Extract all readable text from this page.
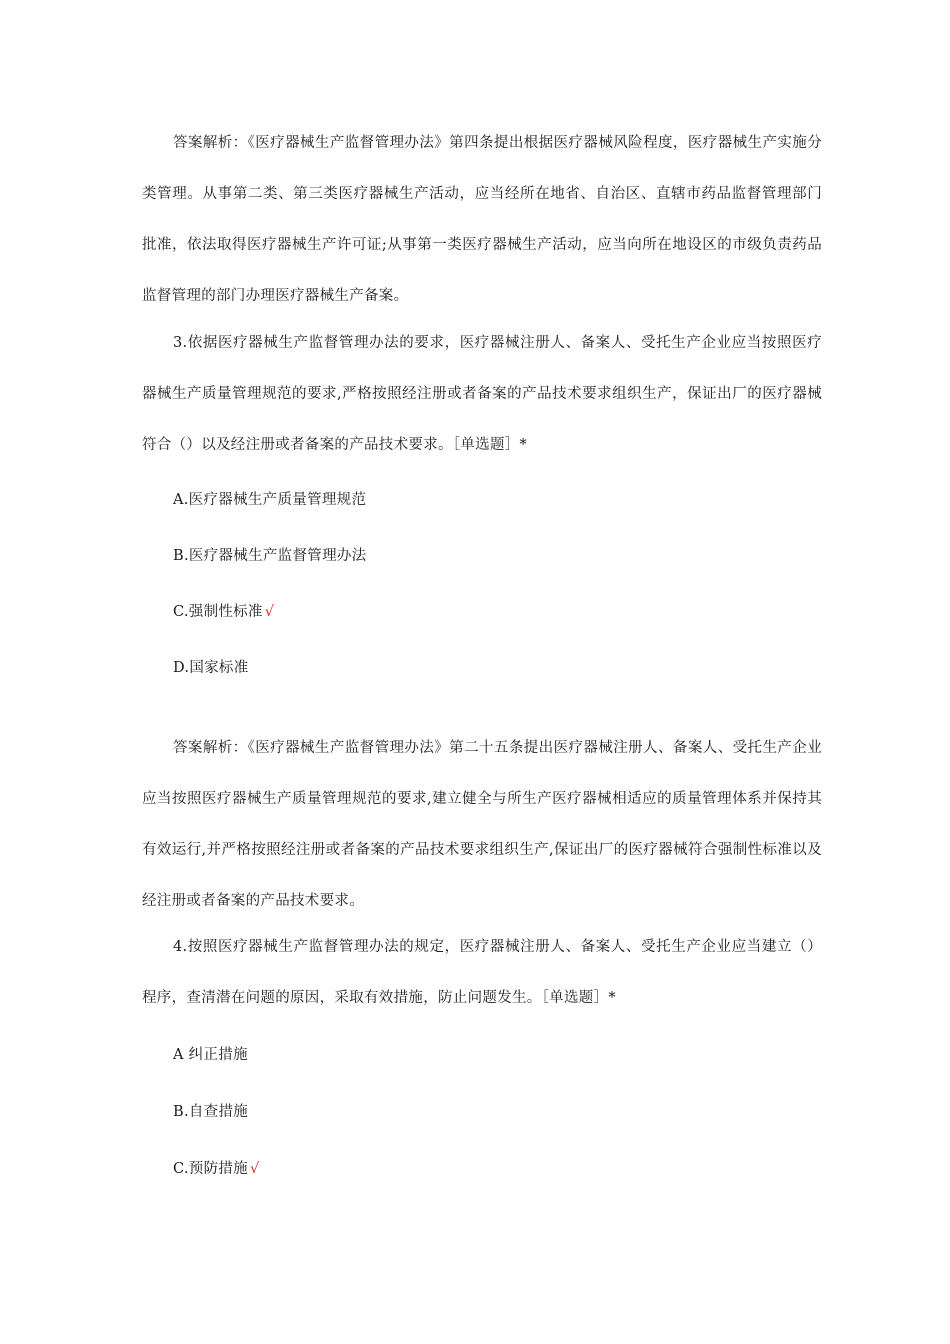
答案解析：《医疗器械生产监督管理办法》第四条提出根据医疗器械风险程度，医疗器械生产实施分类管理。从事第二类、第三类医疗器械生产活动，应当经所在地省、自治区、直辖市药品监督管理部门批准，依法取得医疗器械生产许可证;从事第一类医疗器械生产活动，应当向所在地设区的市级负责药品监督管理的部门办理医疗器械生产备案。

3.依据医疗器械生产监督管理办法的要求，医疗器械注册人、备案人、受托生产企业应当按照医疗器械生产质量管理规范的要求,严格按照经注册或者备案的产品技术要求组织生产，保证出厂的医疗器械符合（）以及经注册或者备案的产品技术要求。［单选题］*

A.医疗器械生产质量管理规范

B.医疗器械生产监督管理办法

C.强制性标准 √

D.国家标准

答案解析：《医疗器械生产监督管理办法》第二十五条提出医疗器械注册人、备案人、受托生产企业应当按照医疗器械生产质量管理规范的要求,建立健全与所生产医疗器械相适应的质量管理体系并保持其有效运行,并严格按照经注册或者备案的产品技术要求组织生产,保证出厂的医疗器械符合强制性标准以及经注册或者备案的产品技术要求。

4.按照医疗器械生产监督管理办法的规定，医疗器械注册人、备案人、受托生产企业应当建立（）程序，查清潜在问题的原因，采取有效措施，防止问题发生。［单选题］*

A 纠正措施

B.自查措施

C.预防措施 √
